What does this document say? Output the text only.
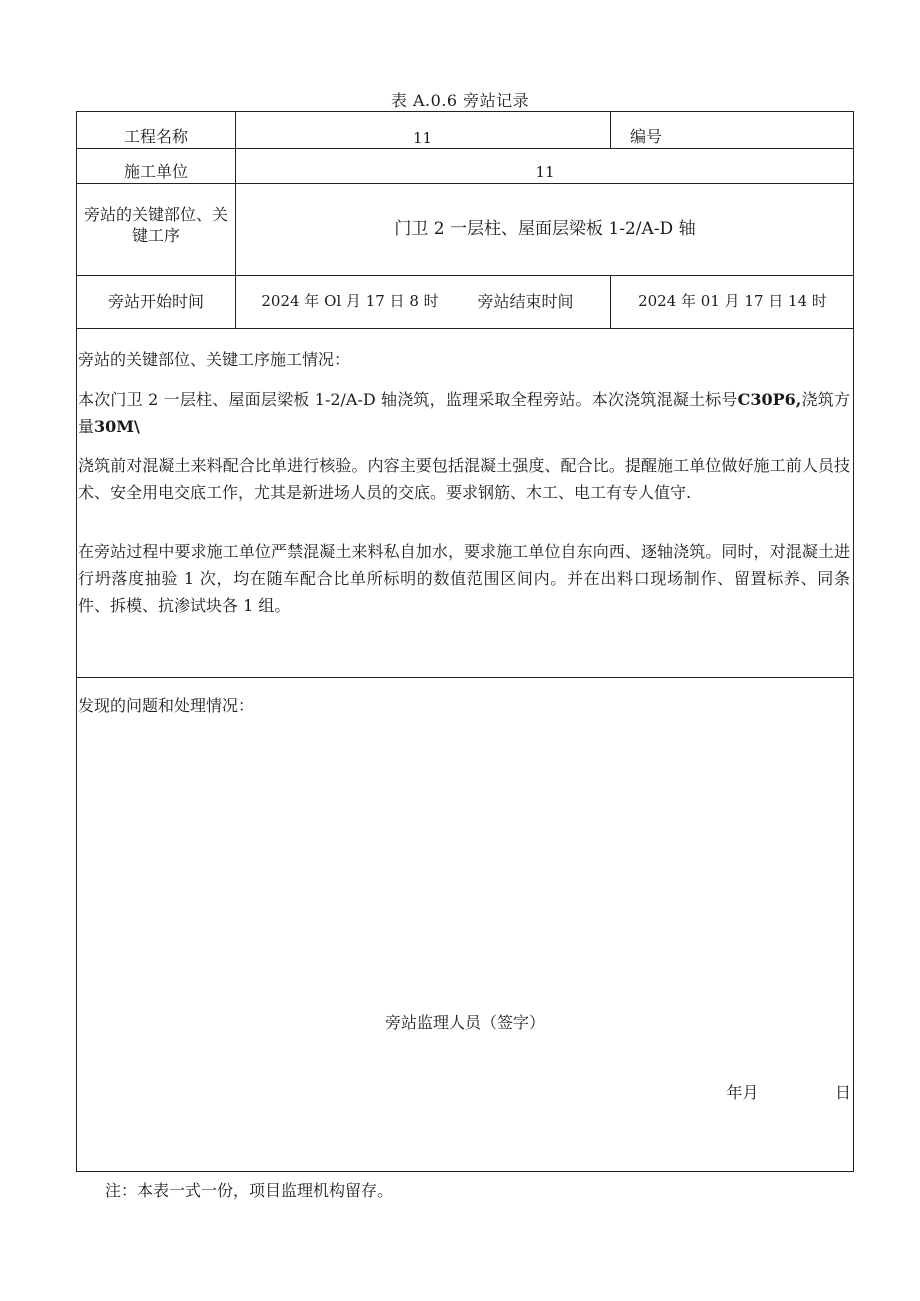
表 A.0.6 旁站记录
工程名称	11	编号
施工单位	11
旁站的关键部位、关键工序	门卫 2 一层柱、屋面层梁板 1-2/A-D 轴
旁站开始时间	2024 年 Ol 月 17 日 8 时	旁站结束时间	2024 年 01 月 17 日 14 时
旁站的关键部位、关键工序施工情况：
本次门卫 2 一层柱、屋面层梁板 1-2/A-D 轴浇筑，监理采取全程旁站。本次浇筑混凝土标号C30P6,浇筑方量30M\
浇筑前对混凝土来料配合比单进行核验。内容主要包括混凝土强度、配合比。提醒施工单位做好施工前人员技术、安全用电交底工作，尤其是新进场人员的交底。要求钢筋、木工、电工有专人值守.
在旁站过程中要求施工单位严禁混凝土来料私自加水，要求施工单位自东向西、逐轴浇筑。同时，对混凝土进行坍落度抽验 1 次，均在随车配合比单所标明的数值范围区间内。并在出料口现场制作、留置标养、同条件、拆模、抗渗试块各 1 组。
发现的问题和处理情况：
旁站监理人员（签字）
年月	日
注：本表一式一份，项目监理机构留存。
